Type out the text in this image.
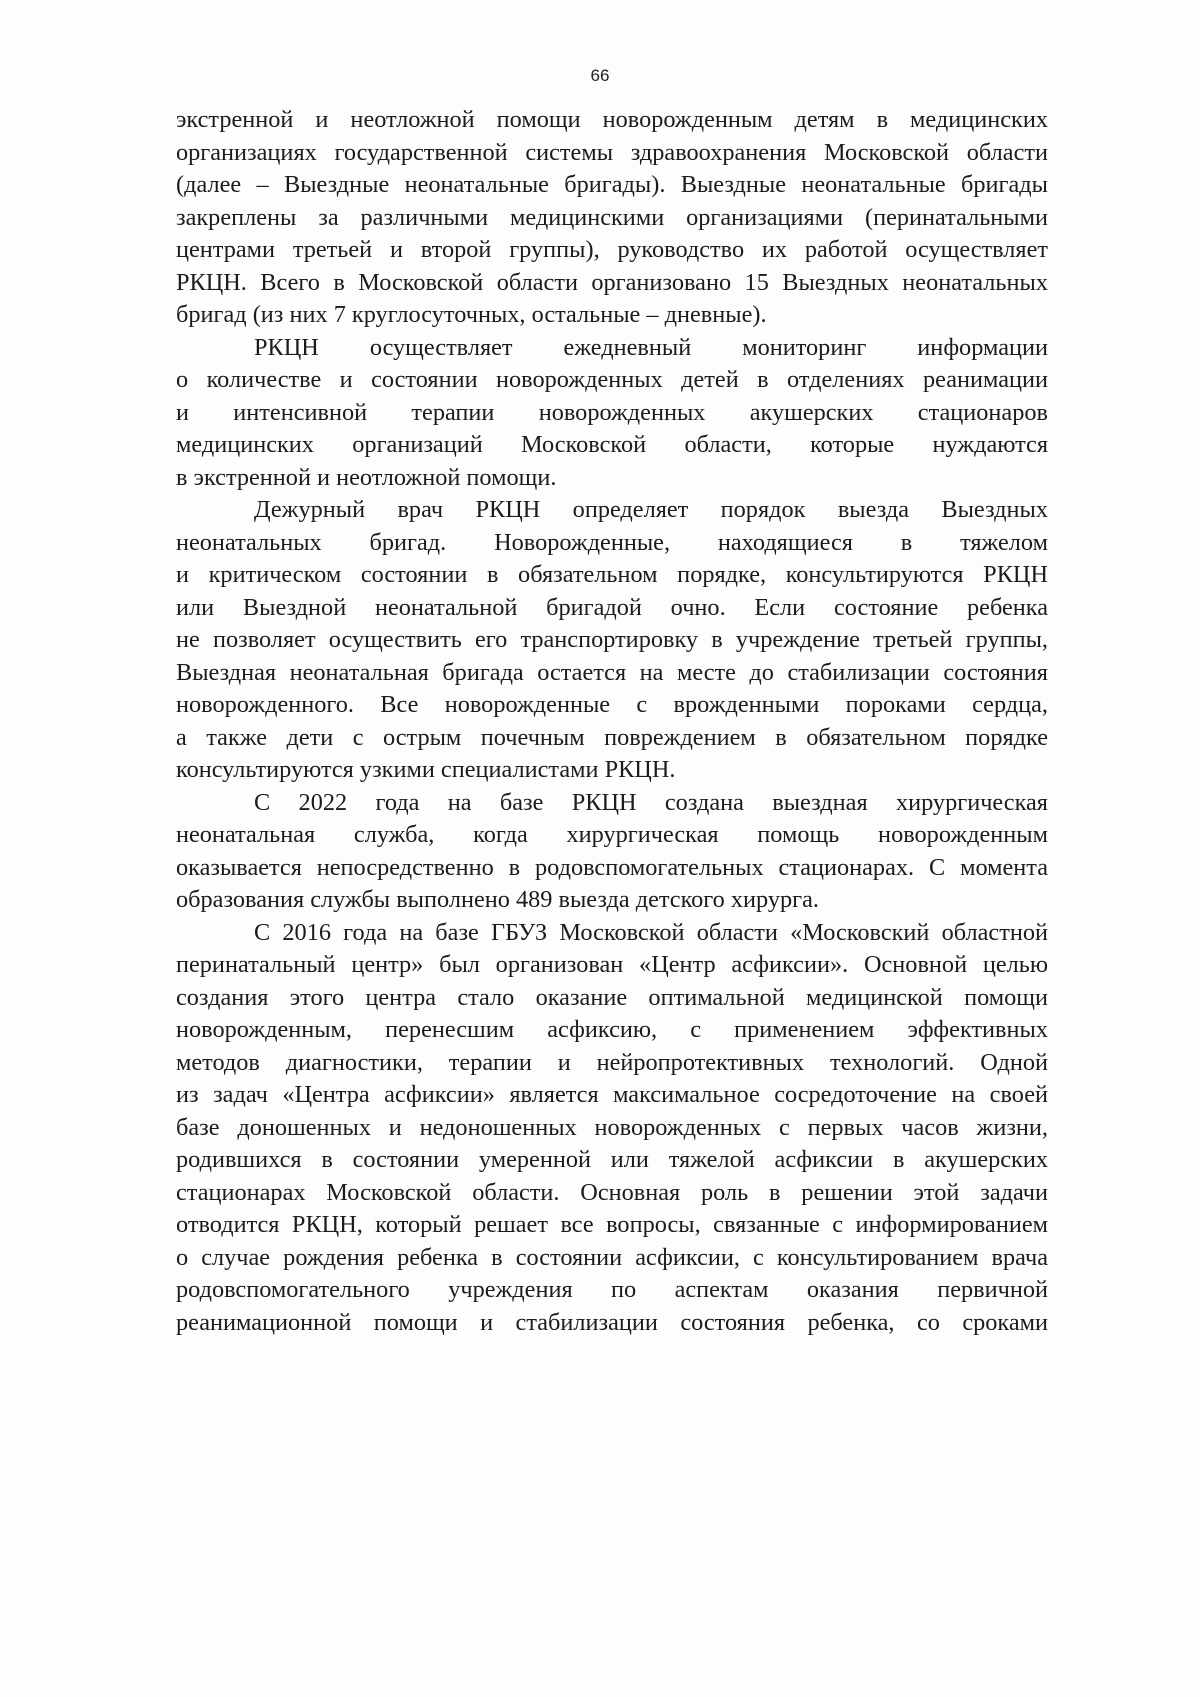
66
экстренной и неотложной помощи новорожденным детям в медицинских
организациях государственной системы здравоохранения Московской области
(далее – Выездные неонатальные бригады). Выездные неонатальные бригады
закреплены за различными медицинскими организациями (перинатальными
центрами третьей и второй группы), руководство их работой осуществляет
РКЦН. Всего в Московской области организовано 15 Выездных неонатальных
бригад (из них 7 круглосуточных, остальные – дневные).
РКЦН осуществляет ежедневный мониторинг информации
о количестве и состоянии новорожденных детей в отделениях реанимации
и интенсивной терапии новорожденных акушерских стационаров
медицинских организаций Московской области, которые нуждаются
в экстренной и неотложной помощи.
Дежурный врач РКЦН определяет порядок выезда Выездных
неонатальных бригад. Новорожденные, находящиеся в тяжелом
и критическом состоянии в обязательном порядке, консультируются РКЦН
или Выездной неонатальной бригадой очно. Если состояние ребенка
не позволяет осуществить его транспортировку в учреждение третьей группы,
Выездная неонатальная бригада остается на месте до стабилизации состояния
новорожденного. Все новорожденные с врожденными пороками сердца,
а также дети с острым почечным повреждением в обязательном порядке
консультируются узкими специалистами РКЦН.
С 2022 года на базе РКЦН создана выездная хирургическая
неонатальная служба, когда хирургическая помощь новорожденным
оказывается непосредственно в родовспомогательных стационарах. С момента
образования службы выполнено 489 выезда детского хирурга.
С 2016 года на базе ГБУЗ Московской области «Московский областной
перинатальный центр» был организован «Центр асфиксии». Основной целью
создания этого центра стало оказание оптимальной медицинской помощи
новорожденным, перенесшим асфиксию, с применением эффективных
методов диагностики, терапии и нейропротективных технологий. Одной
из задач «Центра асфиксии» является максимальное сосредоточение на своей
базе доношенных и недоношенных новорожденных с первых часов жизни,
родившихся в состоянии умеренной или тяжелой асфиксии в акушерских
стационарах Московской области. Основная роль в решении этой задачи
отводится РКЦН, который решает все вопросы, связанные с информированием
о случае рождения ребенка в состоянии асфиксии, с консультированием врача
родовспомогательного учреждения по аспектам оказания первичной
реанимационной помощи и стабилизации состояния ребенка, со сроками
